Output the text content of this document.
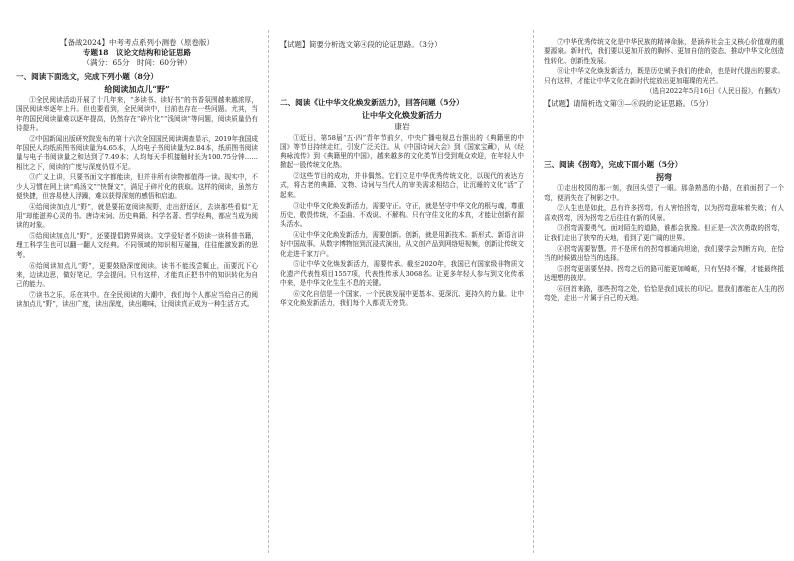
【备战2024】中考考点系列小测卷（原卷版）
专题18　议论文结构和论证思路
（满分：65分　时间：60分钟）
一、阅读下面选文，完成下列小题（8分）
给阅读加点儿“野”

①全民阅读活动开展了十几年来，“多读书、读好书”的书香氛围越来越浓厚，国民阅读率逐年上升。但也要看到，全民阅读中，目前也存在一些问题。尤其，当年的国民阅读量难以逐年提高，仍然存在“碎片化”“浅阅读”等问题，阅读质量仍有待提升。

②中国新闻出版研究院发布的第十六次全国国民阅读调查显示，2019年我国成年国民人均纸质图书阅读量为4.65本，人均电子书阅读量为2.84本，纸质图书阅读量与电子书阅读量之和达到了7.49本；人均每天手机接触时长为100.75分钟……相比之下，阅读的广度与深度仍显不足。

③广义上讲，只要书面文字都能读，但并非所有读物都值得一读。现实中，不少人习惯在网上读“鸡汤文”“快餐文”，满足于碎片化的获取。这样的阅读，虽然方便快捷，但容易使人浮躁，难以获得深刻的感悟和启迪。

④给阅读加点儿“野”，就是要拓宽阅读视野，走出舒适区，去读那些看似“无用”却能滋养心灵的书。唐诗宋词、历史典籍、科学名著、哲学经典，都应当成为阅读的对象。

⑤给阅读加点儿“野”，还要提倡跨界阅读。文学爱好者不妨读一读科普书籍，理工科学生也可以翻一翻人文经典。不同领域的知识相互碰撞，往往能激发新的思考。

⑥给阅读加点儿“野”，更要鼓励深度阅读。读书不能浅尝辄止，而要沉下心来，边读边思，做好笔记，学会提问。只有这样，才能真正把书中的知识转化为自己的能力。

⑦读书之乐，乐在其中。在全民阅读的大潮中，我们每个人都应当给自己的阅读加点儿“野”，读出广度，读出深度，读出趣味，让阅读真正成为一种生活方式。

【试题】简要分析选文第④段的论证思路。（3分）
二、阅读《让中华文化焕发新活力》，回答问题（5分）
让中华文化焕发新活力
康岩

①近日，第58届“五·四”青年节前夕，中央广播电视总台推出的《典籍里的中国》等节目持续走红，引发广泛关注。从《中国诗词大会》到《国家宝藏》，从《经典咏流传》到《典籍里的中国》，越来越多的文化类节目受到观众欢迎，在年轻人中掀起一股传统文化热。

②这些节目的成功，并非偶然。它们立足中华优秀传统文化，以现代的表达方式，将古老的典籍、文物、诗词与当代人的审美需求相结合，让沉睡的文化“活”了起来。

③让中华文化焕发新活力，需要守正。守正，就是坚守中华文化的根与魂，尊重历史，敬畏传统，不歪曲、不戏说、不解构。只有守住文化的本真，才能让创新有源头活水。

④让中华文化焕发新活力，需要创新。创新，就是用新技术、新形式、新语言讲好中国故事。从数字博物馆到沉浸式演出，从文创产品到网络短视频，创新让传统文化走进千家万户。

⑤让中华文化焕发新活力，需要传承。截至2020年，我国已有国家级非物质文化遗产代表性项目1557项，代表性传承人3068名。让更多年轻人参与到文化传承中来，是中华文化生生不息的关键。

⑥文化自信是一个国家、一个民族发展中更基本、更深沉、更持久的力量。让中华文化焕发新活力，我们每个人都责无旁贷。

⑦中华优秀传统文化是中华民族的精神命脉，是涵养社会主义核心价值观的重要源泉。新时代，我们要以更加开放的胸怀、更加自信的姿态，推动中华文化创造性转化、创新性发展。

⑧让中华文化焕发新活力，既是历史赋予我们的使命，也是时代提出的要求。只有这样，才能让中华文化在新时代绽放出更加璀璨的光芒。

（选自2022年5月16日《人民日报》，有删改）
【试题】请简析选文第③—⑥段的论证思路。（5分）
三、阅读《拐弯》，完成下面小题（5分）
拐弯

①走出校园的那一刻，我回头望了一眼。那条熟悉的小路，在前面拐了一个弯，便消失在了树影之中。

②人生也是如此，总有许多拐弯。有人害怕拐弯，以为拐弯意味着失败；有人喜欢拐弯，因为拐弯之后往往有新的风景。

③拐弯需要勇气。面对陌生的道路，谁都会犹豫。但正是一次次勇敢的拐弯，让我们走出了狭窄的天地，看到了更广阔的世界。

④拐弯需要智慧。并不是所有的拐弯都通向坦途，我们要学会判断方向，在恰当的时候做出恰当的选择。

⑤拐弯更需要坚持。拐弯之后的路可能更加崎岖，只有坚持不懈，才能最终抵达理想的彼岸。

⑥回首来路，那些拐弯之处，恰恰是我们成长的印记。愿我们都能在人生的拐弯处，走出一片属于自己的天地。
